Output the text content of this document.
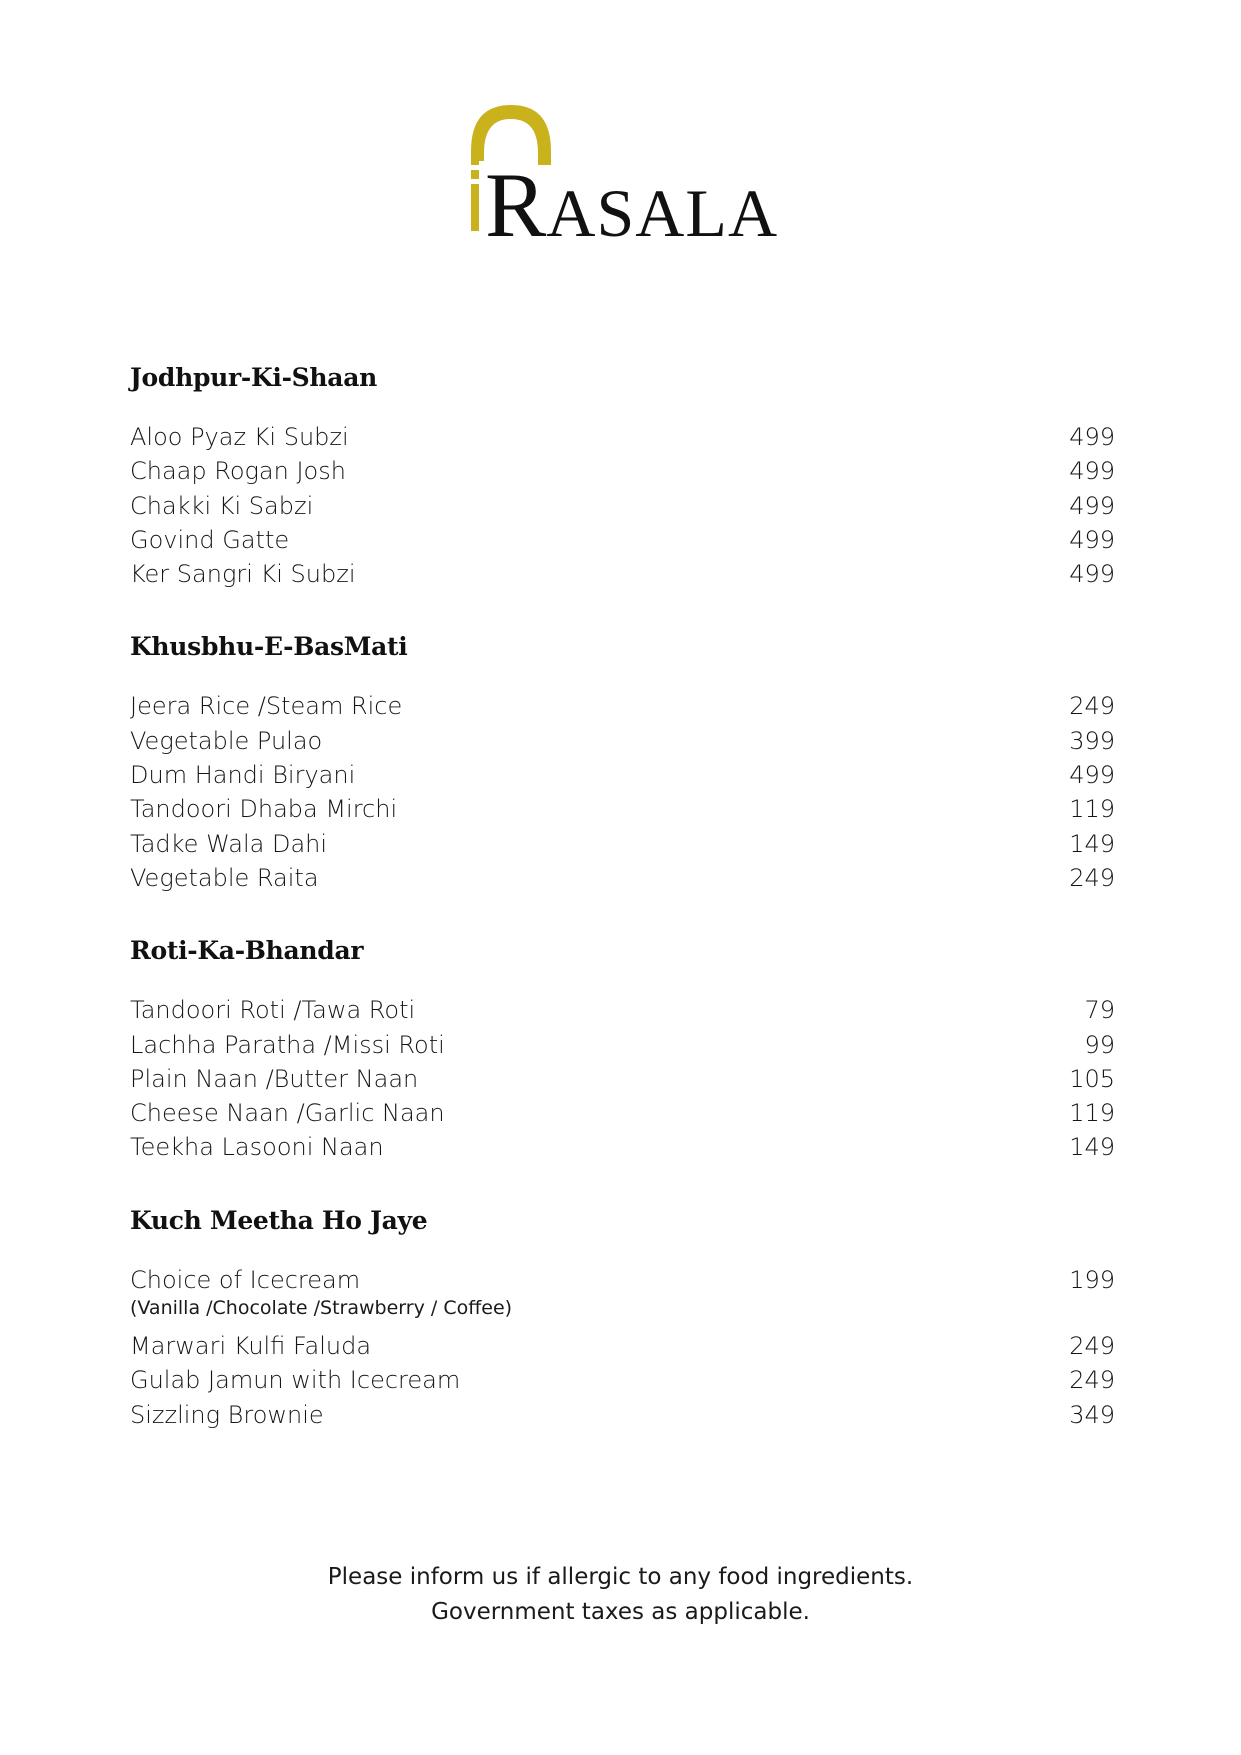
RASALA
Jodhpur-Ki-Shaan
Aloo Pyaz Ki Subzi	499
Chaap Rogan Josh	499
Chakki Ki Sabzi	499
Govind Gatte	499
Ker Sangri Ki Subzi	499
Khusbhu-E-BasMati
Jeera Rice /Steam Rice	249
Vegetable Pulao	399
Dum Handi Biryani	499
Tandoori Dhaba Mirchi	119
Tadke Wala Dahi	149
Vegetable Raita	249
Roti-Ka-Bhandar
Tandoori Roti /Tawa Roti	79
Lachha Paratha /Missi Roti	99
Plain Naan /Butter Naan	105
Cheese Naan /Garlic Naan	119
Teekha Lasooni Naan	149
Kuch Meetha Ho Jaye
Choice of Icecream	199
(Vanilla /Chocolate /Strawberry / Coffee)
Marwari Kulfi Faluda	249
Gulab Jamun with Icecream	249
Sizzling Brownie	349
Please inform us if allergic to any food ingredients.
Government taxes as applicable.
